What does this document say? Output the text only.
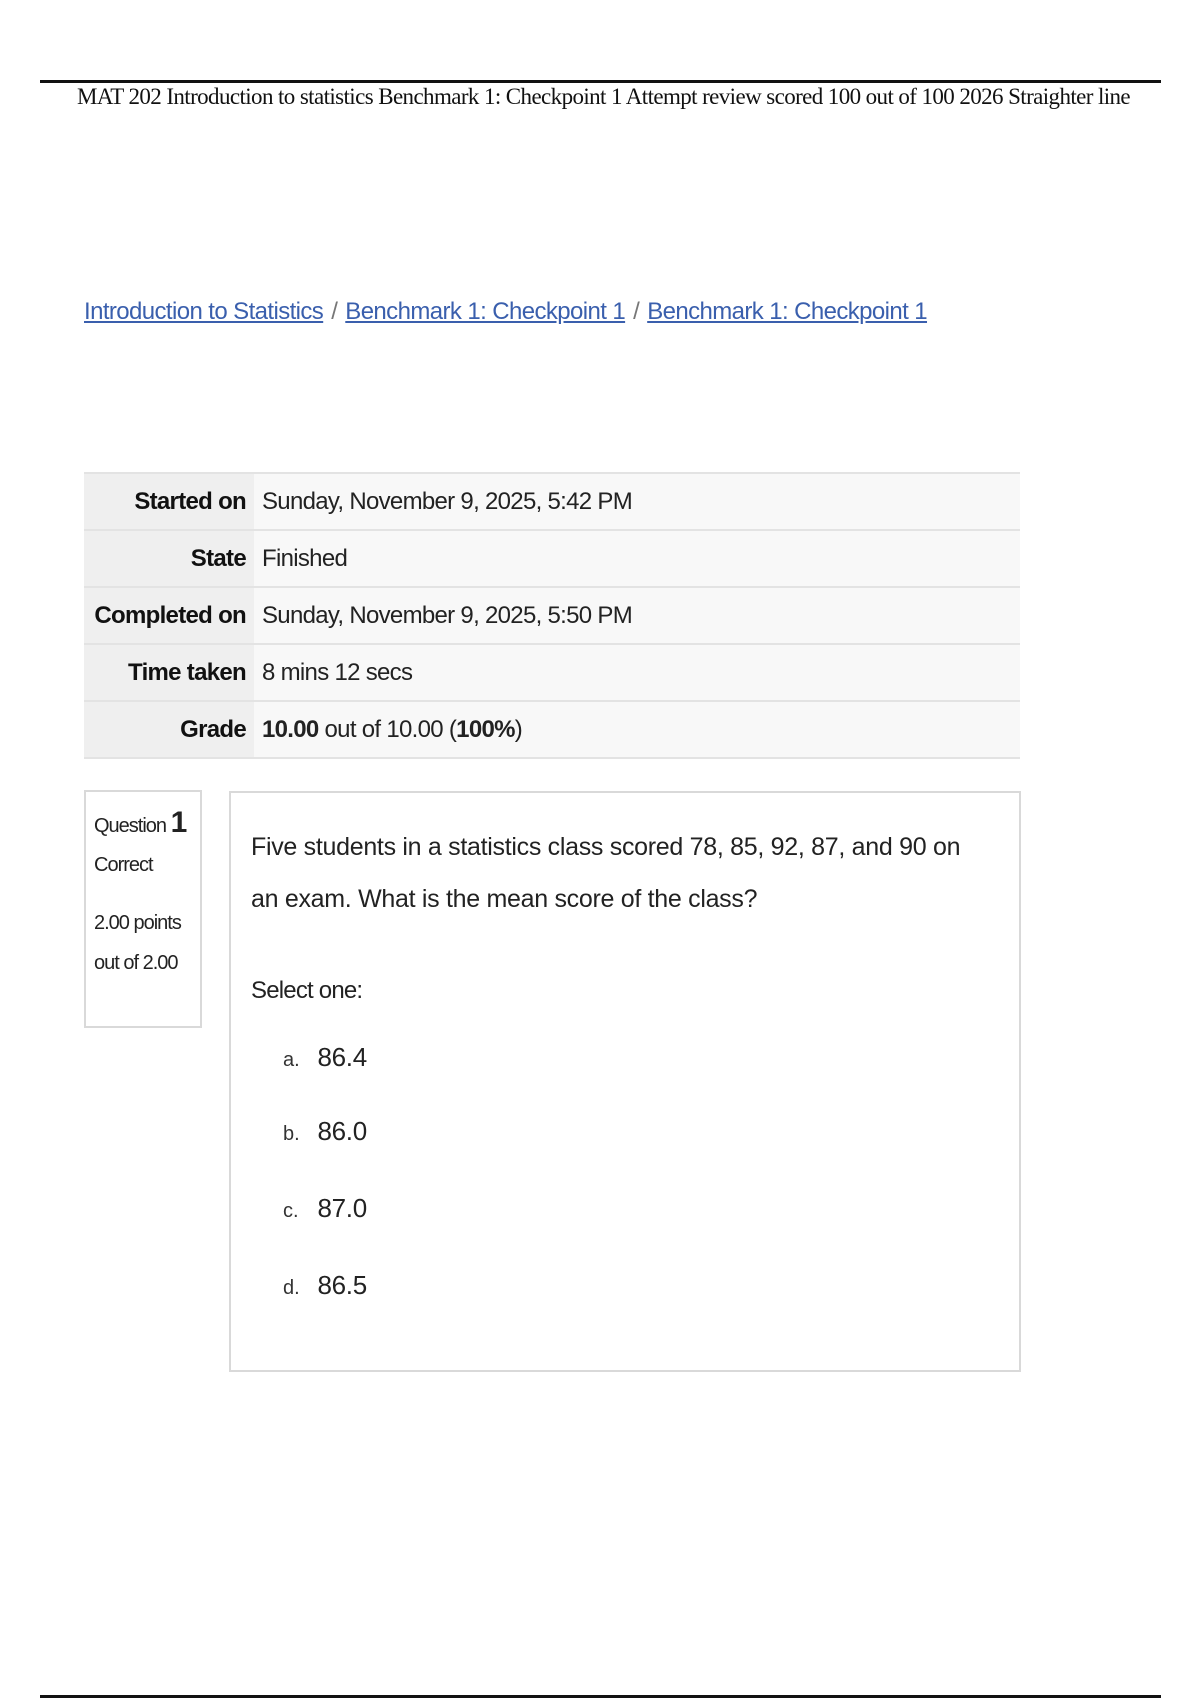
MAT 202 Introduction to statistics Benchmark 1: Checkpoint 1 Attempt review scored 100 out of 100 2026 Straighter line
Introduction to Statistics / Benchmark 1: Checkpoint 1 / Benchmark 1: Checkpoint 1
Started on	Sunday, November 9, 2025, 5:42 PM
State	Finished
Completed on	Sunday, November 9, 2025, 5:50 PM
Time taken	8 mins 12 secs
Grade	10.00 out of 10.00 (100%)
Question 1
Correct
2.00 points out of 2.00
Five students in a statistics class scored 78, 85, 92, 87, and 90 on an exam. What is the mean score of the class?
Select one:
a. 86.4
b. 86.0
c. 87.0
d. 86.5
